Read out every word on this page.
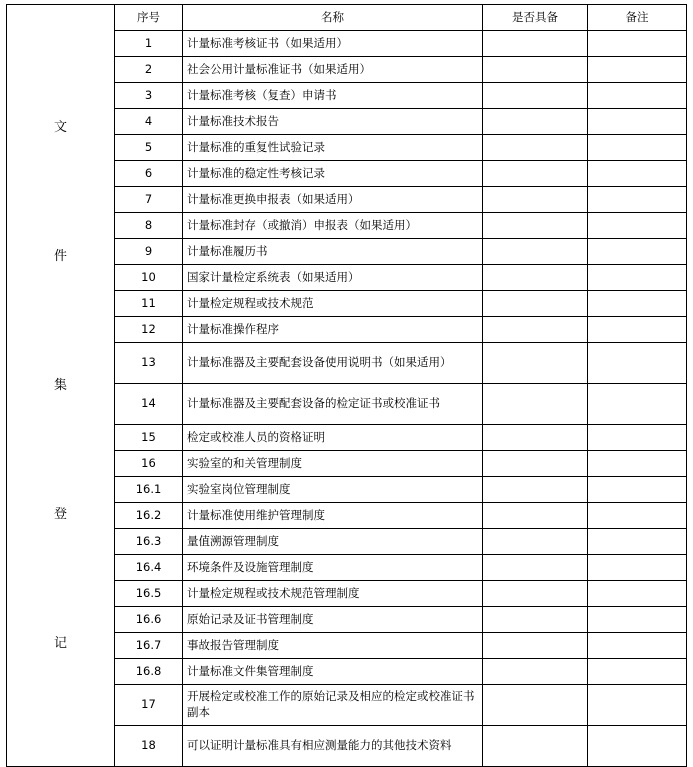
文
件
集
登
记	序号	名称	是否具备	备注
	1	计量标准考核证书（如果适用）		
	2	社会公用计量标准证书（如果适用）		
	3	计量标准考核（复查）申请书		
	4	计量标准技术报告		
	5	计量标准的重复性试验记录		
	6	计量标准的稳定性考核记录		
	7	计量标准更换申报表（如果适用）		
	8	计量标准封存（或撤消）申报表（如果适用）		
	9	计量标准履历书		
	10	国家计量检定系统表（如果适用）		
	11	计量检定规程或技术规范		
	12	计量标准操作程序		
	13	计量标准器及主要配套设备使用说明书（如果适用）		
	14	计量标准器及主要配套设备的检定证书或校准证书		
	15	检定或校准人员的资格证明		
	16	实验室的和关管理制度		
	16.1	实验室岗位管理制度		
	16.2	计量标准使用维护管理制度		
	16.3	量值溯源管理制度		
	16.4	环境条件及设施管理制度		
	16.5	计量检定规程或技术规范管理制度		
	16.6	原始记录及证书管理制度		
	16.7	事故报告管理制度		
	16.8	计量标准文件集管理制度		
	17	开展检定或校准工作的原始记录及相应的检定或校准证书副本		
	18	可以证明计量标准具有相应测量能力的其他技术资料		
